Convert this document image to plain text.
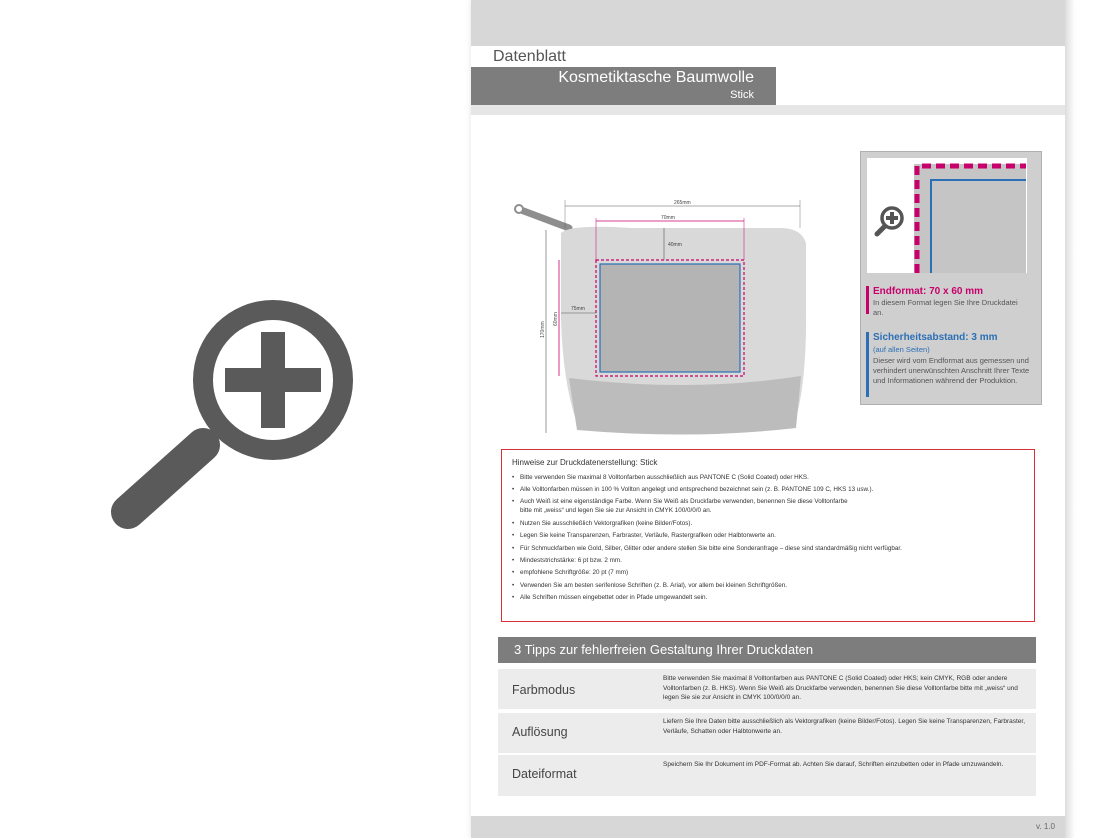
Datenblatt
Kosmetiktasche Baumwolle
Stick
265mm
70mm
40mm
75mm
170mm
60mm
Endformat: 70 x 60 mm
In diesem Format legen Sie Ihre Druckdatei an.
Sicherheitsabstand: 3 mm
(auf allen Seiten)
Dieser wird vom Endformat aus gemessen und verhindert unerwünschten Anschnitt Ihrer Texte und Informationen während der Produktion.
Hinweise zur Druckdatenerstellung: Stick
• Bitte verwenden Sie maximal 8 Volltonfarben ausschließlich aus PANTONE C (Solid Coated) oder HKS.
• Alle Volltonfarben müssen in 100 % Vollton angelegt und entsprechend bezeichnet sein (z. B. PANTONE 109 C, HKS 13 usw.).
• Auch Weiß ist eine eigenständige Farbe. Wenn Sie Weiß als Druckfarbe verwenden, benennen Sie diese Volltonfarbe bitte mit „weiss“ und legen Sie sie zur Ansicht in CMYK 100/0/0/0 an.
• Nutzen Sie ausschließlich Vektorgrafiken (keine Bilder/Fotos).
• Legen Sie keine Transparenzen, Farbraster, Verläufe, Rastergrafiken oder Halbtonwerte an.
• Für Schmuckfarben wie Gold, Silber, Glitter oder andere stellen Sie bitte eine Sonderanfrage – diese sind standardmäßig nicht verfügbar.
• Mindeststrichstärke: 6 pt bzw. 2 mm.
• empfohlene Schriftgröße: 20 pt (7 mm)
• Verwenden Sie am besten serifenlose Schriften (z. B. Arial), vor allem bei kleinen Schriftgrößen.
• Alle Schriften müssen eingebettet oder in Pfade umgewandelt sein.
3 Tipps zur fehlerfreien Gestaltung Ihrer Druckdaten
Farbmodus
Bitte verwenden Sie maximal 8 Volltonfarben aus PANTONE C (Solid Coated) oder HKS; kein CMYK, RGB oder andere Volltonfarben (z. B. HKS). Wenn Sie Weiß als Druckfarbe verwenden, benennen Sie diese Volltonfarbe bitte mit „weiss“ und legen Sie sie zur Ansicht in CMYK 100/0/0/0 an.
Auflösung
Liefern Sie Ihre Daten bitte ausschließlich als Vektorgrafiken (keine Bilder/Fotos). Legen Sie keine Transparenzen, Farbraster, Verläufe, Schatten oder Halbtonwerte an.
Dateiformat
Speichern Sie Ihr Dokument im PDF-Format ab. Achten Sie darauf, Schriften einzubetten oder in Pfade umzuwandeln.
v. 1.0
